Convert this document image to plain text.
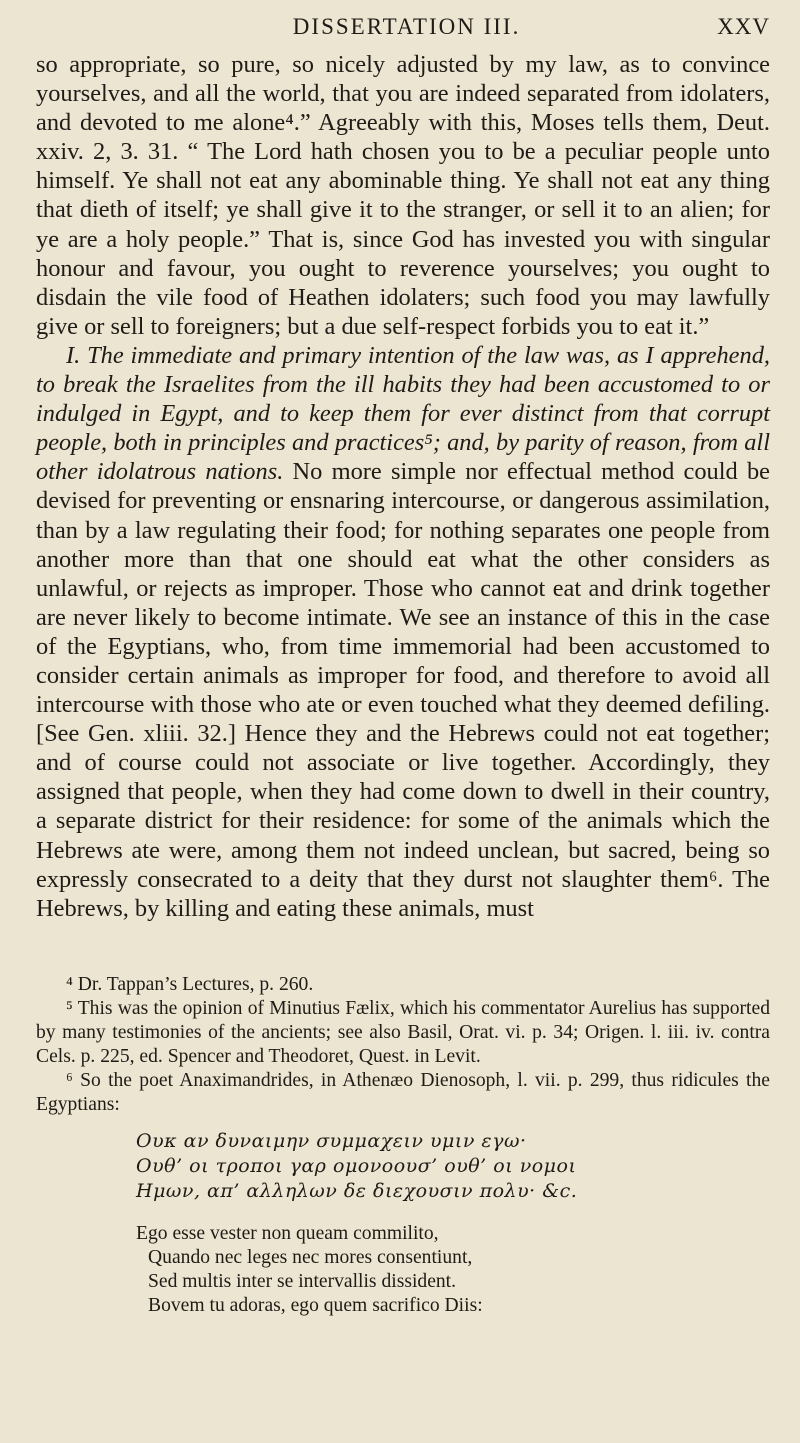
DISSERTATION III.	XXV

so appropriate, so pure, so nicely adjusted by my law, as to convince yourselves, and all the world, that you are indeed separated from idolaters, and devoted to me alone⁴.” Agreeably with this, Moses tells them, Deut. xxiv. 2, 3. 31. “ The Lord hath chosen you to be a peculiar people unto himself. Ye shall not eat any abominable thing. Ye shall not eat any thing that dieth of itself; ye shall give it to the stranger, or sell it to an alien; for ye are a holy people.” That is, since God has invested you with singular honour and favour, you ought to reverence yourselves; you ought to disdain the vile food of Heathen idolaters; such food you may lawfully give or sell to foreigners; but a due self-respect forbids you to eat it.”

I. The immediate and primary intention of the law was, as I apprehend, to break the Israelites from the ill habits they had been accustomed to or indulged in Egypt, and to keep them for ever distinct from that corrupt people, both in principles and practices⁵; and, by parity of reason, from all other idolatrous nations. No more simple nor effectual method could be devised for preventing or ensnaring intercourse, or dangerous assimilation, than by a law regulating their food; for nothing separates one people from another more than that one should eat what the other considers as unlawful, or rejects as improper. Those who cannot eat and drink together are never likely to become intimate. We see an instance of this in the case of the Egyptians, who, from time immemorial had been accustomed to consider certain animals as improper for food, and therefore to avoid all intercourse with those who ate or even touched what they deemed defiling. [See Gen. xliii. 32.] Hence they and the Hebrews could not eat together; and of course could not associate or live together. Accordingly, they assigned that people, when they had come down to dwell in their country, a separate district for their residence: for some of the animals which the Hebrews ate were, among them not indeed unclean, but sacred, being so expressly consecrated to a deity that they durst not slaughter them⁶. The Hebrews, by killing and eating these animals, must

⁴ Dr. Tappan’s Lectures, p. 260.

⁵ This was the opinion of Minutius Fælix, which his commentator Aurelius has supported by many testimonies of the ancients; see also Basil, Orat. vi. p. 34; Origen. l. iii. iv. contra Cels. p. 225, ed. Spencer and Theodoret, Quest. in Levit.

⁶ So the poet Anaximandrides, in Athenæo Dienosoph, l. vii. p. 299, thus ridicules the Egyptians:

Ουκ αν δυναιμην συμμαχειν υμιν εγω·
Ουθ’ οι τροποι γαρ ομονοουσ’ ουθ’ οι νομοι
Ημων, απ’ αλληλων δε διεχουσιν πολυ· &c.
Ego esse vester non queam commilito,
Quando nec leges nec mores consentiunt,
Sed multis inter se intervallis dissident.
Bovem tu adoras, ego quem sacrifico Diis:
